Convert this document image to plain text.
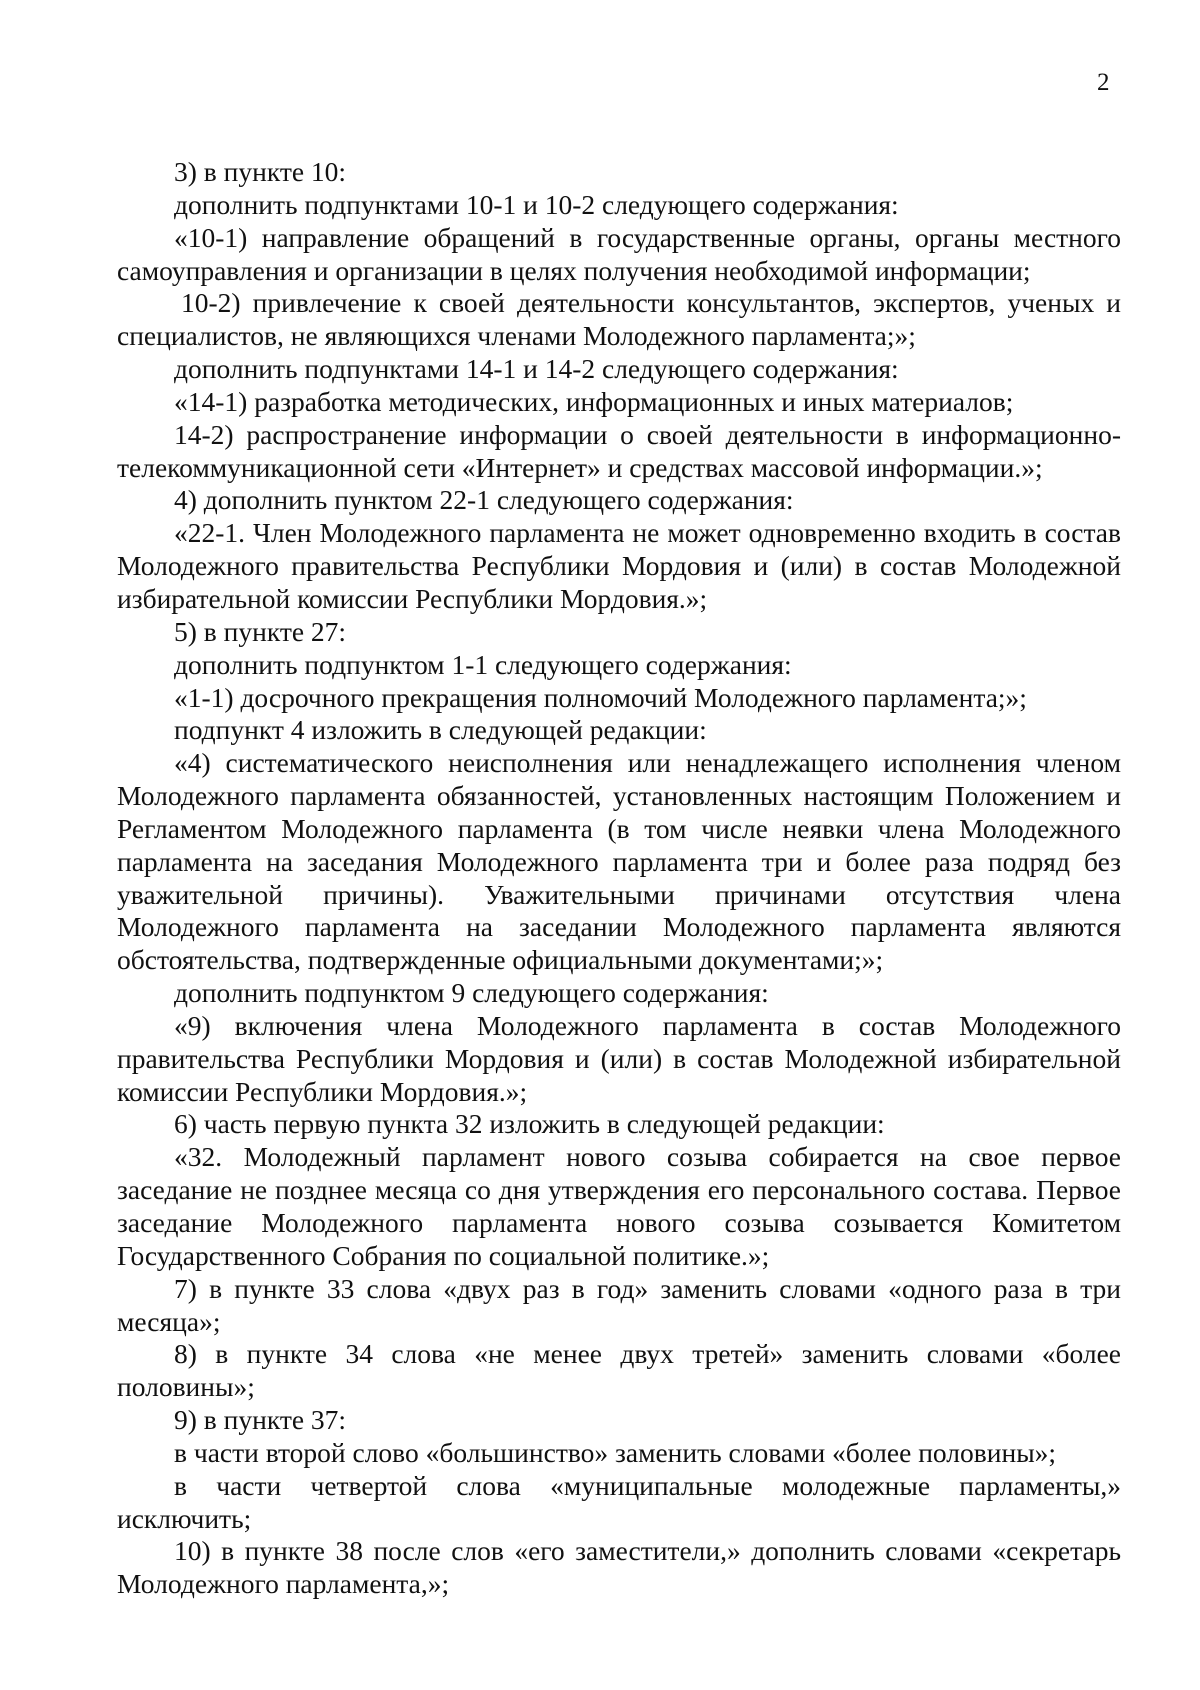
2

3) в пункте 10:

дополнить подпунктами 10-1 и 10-2 следующего содержания:

«10-1) направление обращений в государственные органы, органы местного самоуправления и организации в целях получения необходимой информации;

10-2) привлечение к своей деятельности консультантов, экспертов, ученых и специалистов, не являющихся членами Молодежного парламента;»;

дополнить подпунктами 14-1 и 14-2 следующего содержания:

«14-1) разработка методических, информационных и иных материалов;

14-2) распространение информации о своей деятельности в информационно-телекоммуникационной сети «Интернет» и средствах массовой информации.»;

4) дополнить пунктом 22-1 следующего содержания:

«22-1. Член Молодежного парламента не может одновременно входить в состав Молодежного правительства Республики Мордовия и (или) в состав Молодежной избирательной комиссии Республики Мордовия.»;

5) в пункте 27:

дополнить подпунктом 1-1 следующего содержания:

«1-1) досрочного прекращения полномочий Молодежного парламента;»;

подпункт 4 изложить в следующей редакции:

«4) систематического неисполнения или ненадлежащего исполнения членом Молодежного парламента обязанностей, установленных настоящим Положением и Регламентом Молодежного парламента (в том числе неявки члена Молодежного парламента на заседания Молодежного парламента три и более раза подряд без уважительной причины). Уважительными причинами отсутствия члена Молодежного парламента на заседании Молодежного парламента являются обстоятельства, подтвержденные официальными документами;»;

дополнить подпунктом 9 следующего содержания:

«9) включения члена Молодежного парламента в состав Молодежного правительства Республики Мордовия и (или) в состав Молодежной избирательной комиссии Республики Мордовия.»;

6) часть первую пункта 32 изложить в следующей редакции:

«32. Молодежный парламент нового созыва собирается на свое первое заседание не позднее месяца со дня утверждения его персонального состава. Первое заседание Молодежного парламента нового созыва созывается Комитетом Государственного Собрания по социальной политике.»;

7) в пункте 33 слова «двух раз в год» заменить словами «одного раза в три месяца»;

8) в пункте 34 слова «не менее двух третей» заменить словами «более половины»;

9) в пункте 37:

в части второй слово «большинство» заменить словами «более половины»;

в части четвертой слова «муниципальные молодежные парламенты,» исключить;

10) в пункте 38 после слов «его заместители,» дополнить словами «секретарь Молодежного парламента,»;
